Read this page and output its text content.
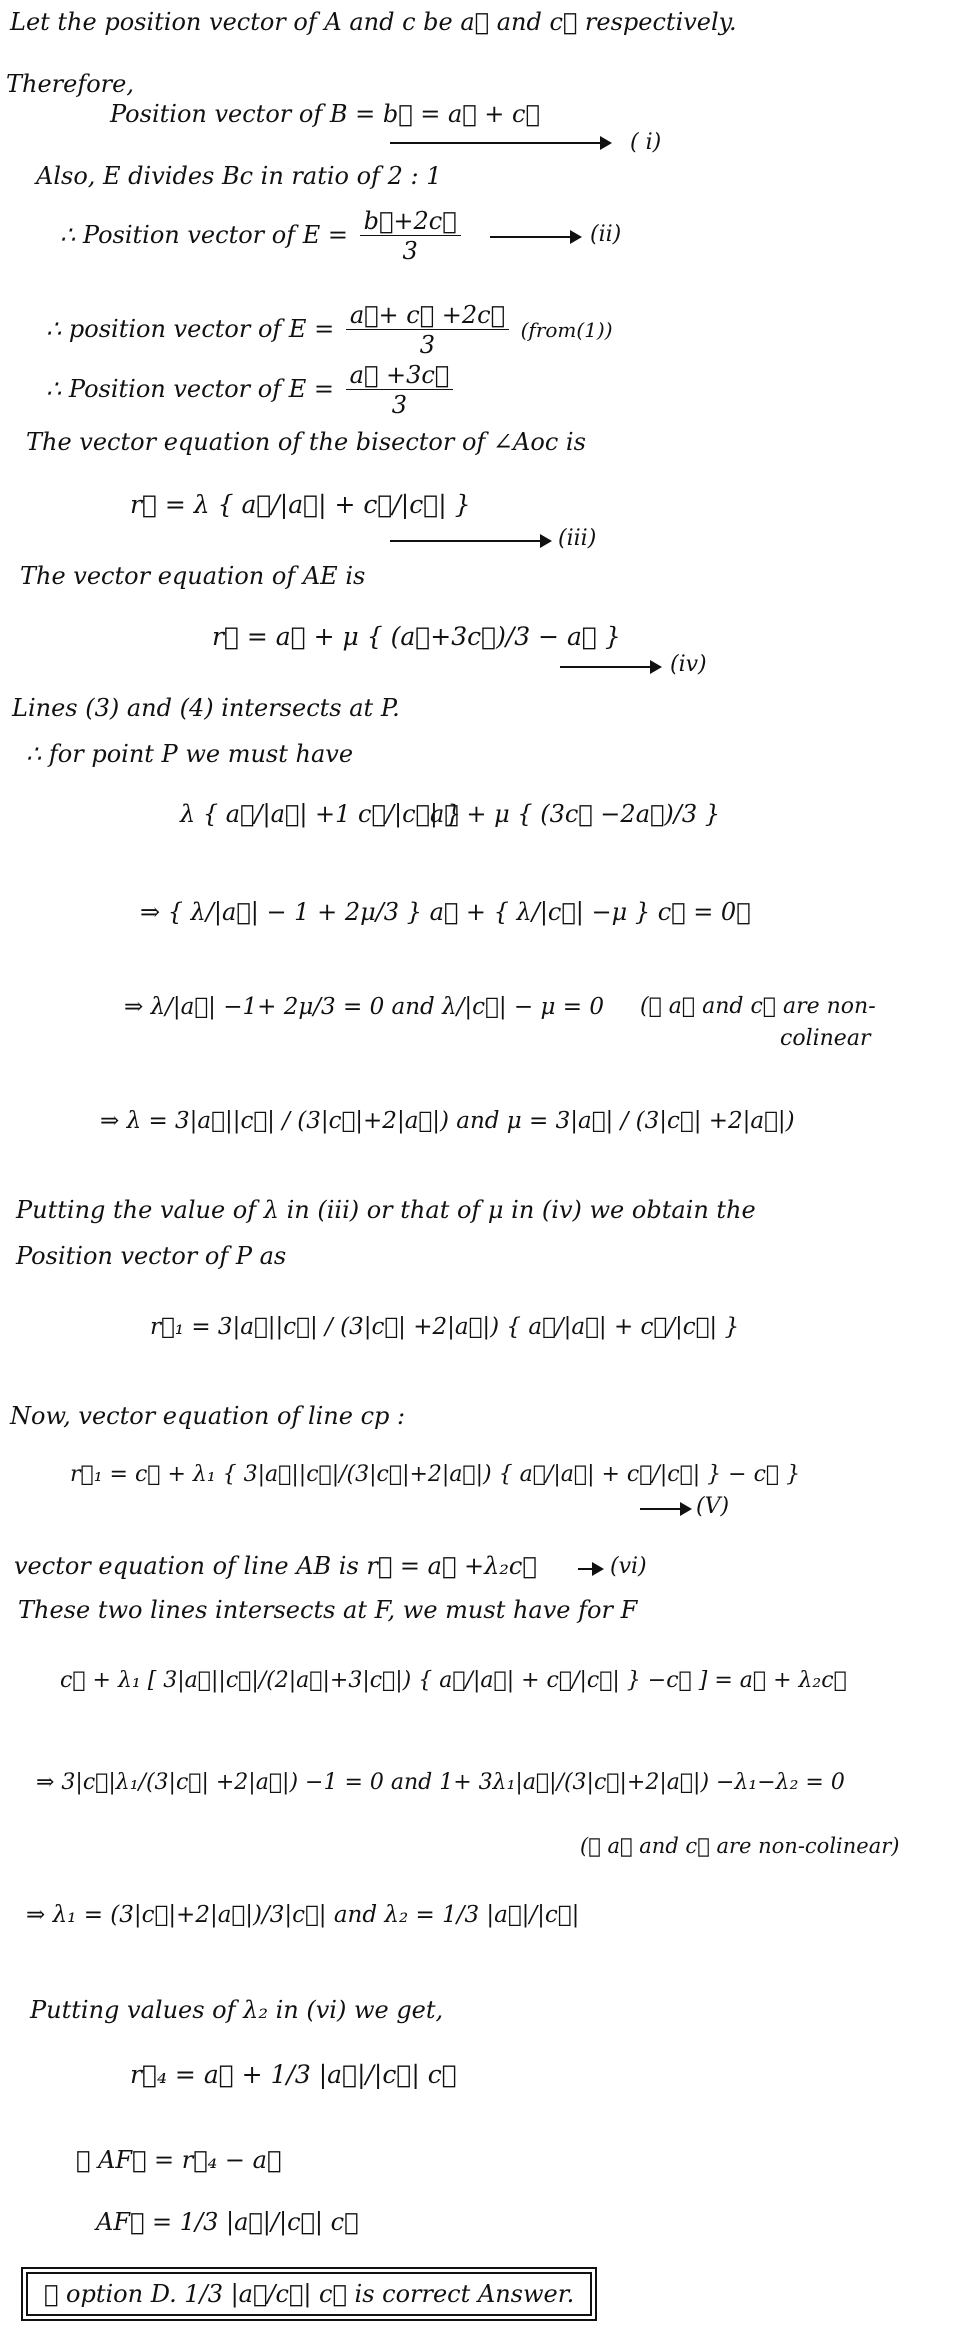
Let the position vector of A and c be a⃗ and c⃗ respectively.
Therefore,
Position vector of B = b⃗ = a⃗ + c⃗
( i)
Also, E divides Bc in ratio of 2 : 1
∴ Position vector of $E = \frac{b⃗+2c⃗}{3}$	(ii)
∴ position vector of $E = \frac{a⃗+ c⃗ +2c⃗}{3}$ (from(1))
∴ Position vector of $E = \frac{a⃗ +3c⃗}{3}$
The vector equation of the bisector of ∠Aoc is
r⃗ = λ { a⃗/|a⃗| + c⃗/|c⃗| }
(iii)
The vector equation of AE is
r⃗ = a⃗ + μ { (a⃗+3c⃗)/3 − a⃗ }
(iv)
Lines (3) and (4) intersects at P.
∴ for point P we must have
λ { a⃗/|a⃗| +1 c⃗/|c⃗| }
a⃗ + μ { (3c⃗ −2a⃗)/3 }
⇒ { λ/|a⃗| − 1 + 2μ/3 } a⃗ + { λ/|c⃗| −μ } c⃗ = 0⃗
⇒ λ/|a⃗| −1+ 2μ/3 = 0 and λ/|c⃗| − μ = 0 (∵ a⃗ and c⃗ are non-
colinear
⇒ λ = 3|a⃗||c⃗| / (3|c⃗|+2|a⃗|) and μ = 3|a⃗| / (3|c⃗| +2|a⃗|)
Putting the value of λ in (iii) or that of μ in (iv) we obtain the
Position vector of P as
r⃗₁ = 3|a⃗||c⃗| / (3|c⃗| +2|a⃗|) { a⃗/|a⃗| + c⃗/|c⃗| }
Now, vector equation of line cp :
r⃗₁ = c⃗ + λ₁ { 3|a⃗||c⃗|/(3|c⃗|+2|a⃗|) { a⃗/|a⃗| + c⃗/|c⃗| } − c⃗ }
(V)
vector equation of line AB is r⃗ = a⃗ +λ₂c⃗	(vi)
These two lines intersects at F, we must have for F
c⃗ + λ₁ [ 3|a⃗||c⃗|/(2|a⃗|+3|c⃗|) { a⃗/|a⃗| + c⃗/|c⃗| } −c⃗ ] = a⃗ + λ₂c⃗
⇒ 3|c⃗|λ₁/(3|c⃗| +2|a⃗|) −1 = 0 and 1+ 3λ₁|a⃗|/(3|c⃗|+2|a⃗|) −λ₁−λ₂ = 0
(∵ a⃗ and c⃗ are non-colinear)
⇒ λ₁ = (3|c⃗|+2|a⃗|)/3|c⃗| and λ₂ = 1/3 |a⃗|/|c⃗|
Putting values of λ₂ in (vi) we get,
r⃗₄ = a⃗ + 1/3 |a⃗|/|c⃗| c⃗
∴ AF⃗ = r⃗₄ − a⃗
AF⃗ = 1/3 |a⃗|/|c⃗| c⃗
∴ option D. 1/3 |a⃗/c⃗| c⃗ is correct Answer.
